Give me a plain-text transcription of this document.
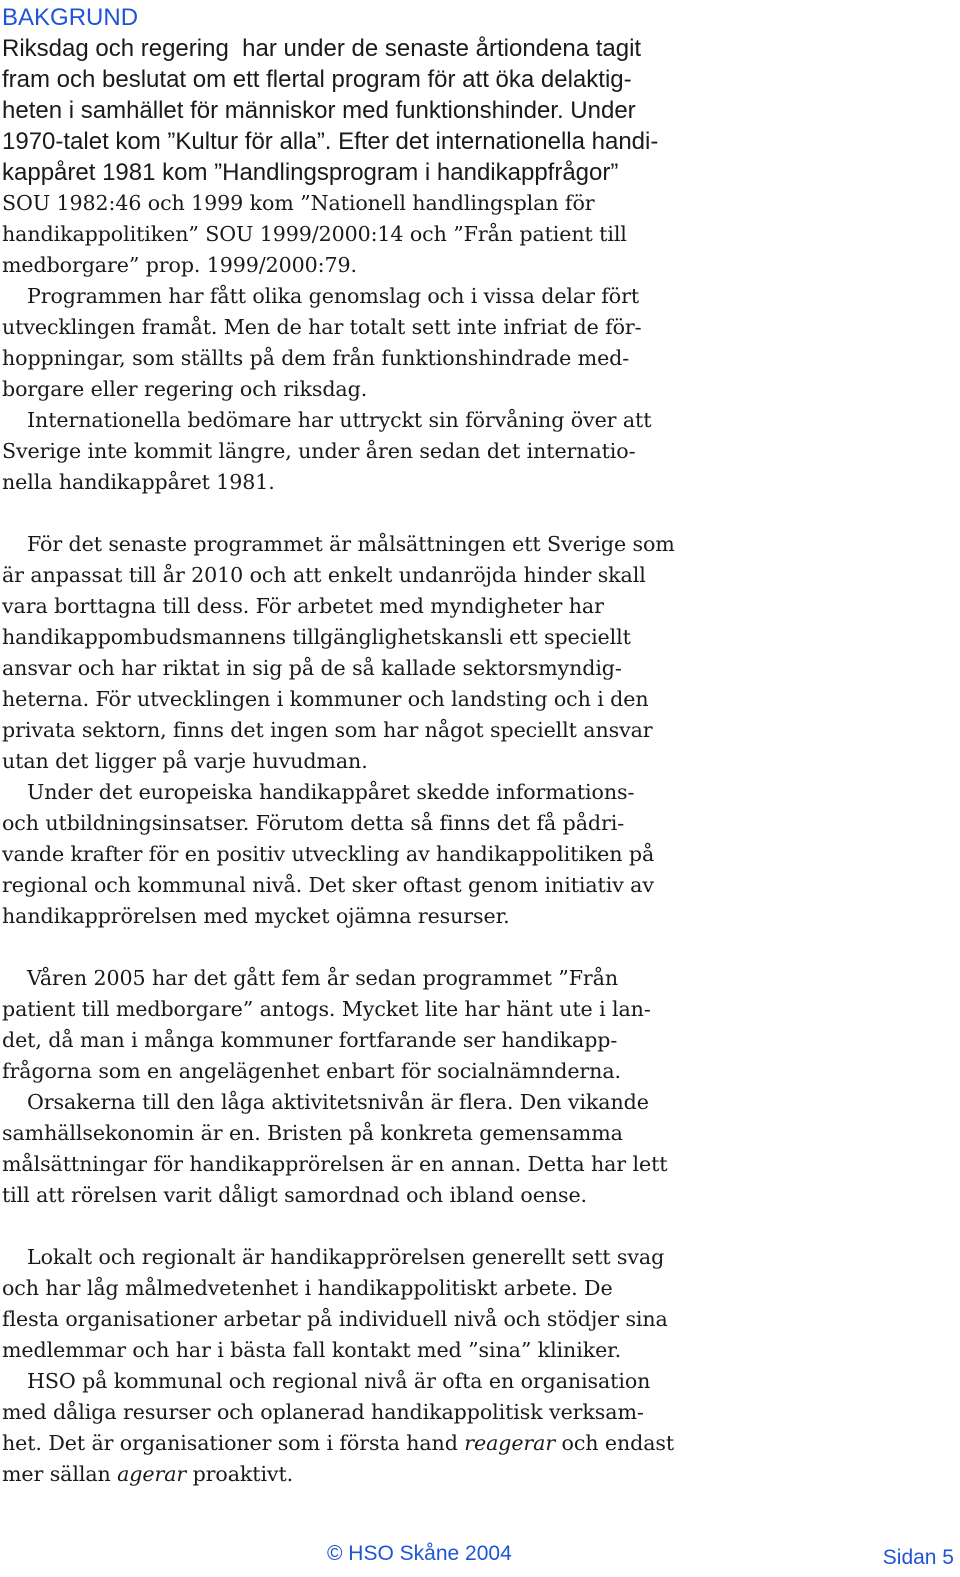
BAKGRUND
Riksdag och regering  har under de senaste årtiondena tagit
fram och beslutat om ett flertal program för att öka delaktig-
heten i samhället för människor med funktionshinder. Under
1970-talet kom ”Kultur för alla”. Efter det internationella handi-
kappåret 1981 kom ”Handlingsprogram i handikappfrågor”
SOU 1982:46 och 1999 kom ”Nationell handlingsplan för
handikappolitiken” SOU 1999/2000:14 och ”Från patient till
medborgare” prop. 1999/2000:79.
Programmen har fått olika genomslag och i vissa delar fört
utvecklingen framåt. Men de har totalt sett inte infriat de för-
hoppningar, som ställts på dem från funktionshindrade med-
borgare eller regering och riksdag.
Internationella bedömare har uttryckt sin förvåning över att
Sverige inte kommit längre, under åren sedan det internatio-
nella handikappåret 1981.
För det senaste programmet är målsättningen ett Sverige som
är anpassat till år 2010 och att enkelt undanröjda hinder skall
vara borttagna till dess. För arbetet med myndigheter har
handikappombudsmannens tillgänglighetskansli ett speciellt
ansvar och har riktat in sig på de så kallade sektorsmyndig-
heterna. För utvecklingen i kommuner och landsting och i den
privata sektorn, finns det ingen som har något speciellt ansvar
utan det ligger på varje huvudman.
Under det europeiska handikappåret skedde informations-
och utbildningsinsatser. Förutom detta så finns det få pådri-
vande krafter för en positiv utveckling av handikappolitiken på
regional och kommunal nivå. Det sker oftast genom initiativ av
handikapprörelsen med mycket ojämna resurser.
Våren 2005 har det gått fem år sedan programmet ”Från
patient till medborgare” antogs. Mycket lite har hänt ute i lan-
det, då man i många kommuner fortfarande ser handikapp-
frågorna som en angelägenhet enbart för socialnämnderna.
Orsakerna till den låga aktivitetsnivån är flera. Den vikande
samhällsekonomin är en. Bristen på konkreta gemensamma
målsättningar för handikapprörelsen är en annan. Detta har lett
till att rörelsen varit dåligt samordnad och ibland oense.
Lokalt och regionalt är handikapprörelsen generellt sett svag
och har låg målmedvetenhet i handikappolitiskt arbete. De
flesta organisationer arbetar på individuell nivå och stödjer sina
medlemmar och har i bästa fall kontakt med ”sina” kliniker.
HSO på kommunal och regional nivå är ofta en organisation
med dåliga resurser och oplanerad handikappolitisk verksam-
het. Det är organisationer som i första hand reagerar och endast
mer sällan agerar proaktivt.
© HSO Skåne 2004	Sidan 5
